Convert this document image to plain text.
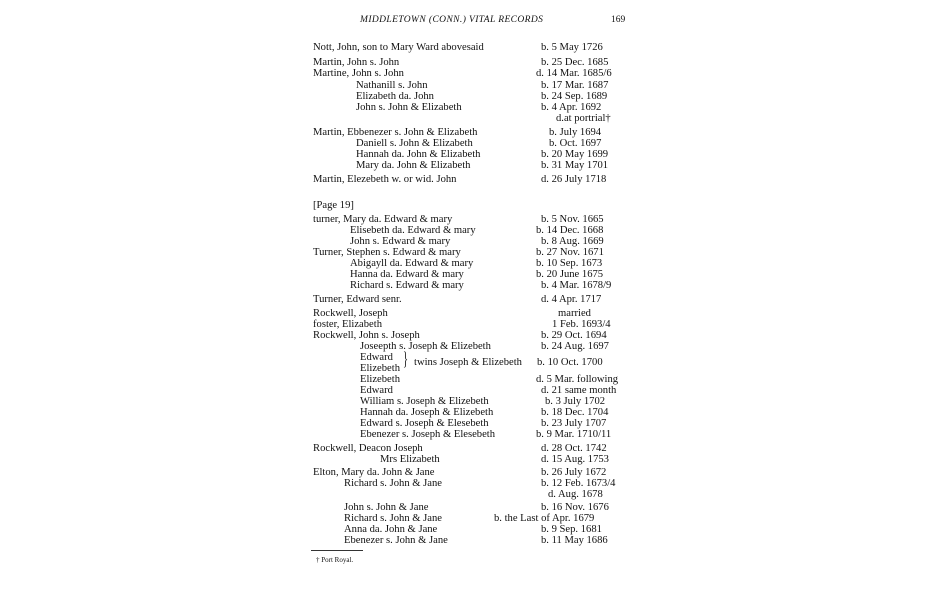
MIDDLETOWN (CONN.) VITAL RECORDS	169
Nott, John, son to Mary Ward abovesaid	b. 5 May 1726
Martin, John s. John	b. 25 Dec. 1685
Martine, John s. John	d. 14 Mar. 1685/6
Nathanill s. John	b. 17 Mar. 1687
Elizabeth da. John	b. 24 Sep. 1689
John s. John & Elizabeth	b. 4 Apr. 1692
d.at portrial†
Martin, Ebbenezer s. John & Elizabeth	b. July 1694
Daniell s. John & Elizabeth	b. Oct. 1697
Hannah da. John & Elizabeth	b. 20 May 1699
Mary da. John & Elizabeth	b. 31 May 1701
Martin, Elezebeth w. or wid. John	d. 26 July 1718
[Page 19]
turner, Mary da. Edward & mary	b. 5 Nov. 1665
Elisebeth da. Edward & mary	b. 14 Dec. 1668
John s. Edward & mary	b. 8 Aug. 1669
Turner, Stephen s. Edward & mary	b. 27 Nov. 1671
Abigayll da. Edward & mary	b. 10 Sep. 1673
Hanna da. Edward & mary	b. 20 June 1675
Richard s. Edward & mary	b. 4 Mar. 1678/9
Turner, Edward senr.	d. 4 Apr. 1717
Rockwell, Joseph	married
foster, Elizabeth	1 Feb. 1693/4
Rockwell, John s. Joseph	b. 29 Oct. 1694
Joseepth s. Joseph & Elizebeth	b. 24 Aug. 1697
Edward
Elizebeth } twins Joseph & Elizebeth b. 10 Oct. 1700
Elizebeth	d. 5 Mar. following
Edward	d. 21 same month
William s. Joseph & Elizebeth	b. 3 July 1702
Hannah da. Joseph & Elizebeth	b. 18 Dec. 1704
Edward s. Joseph & Elesebeth	b. 23 July 1707
Ebenezer s. Joseph & Elesebeth	b. 9 Mar. 1710/11
Rockwell, Deacon Joseph	d. 28 Oct. 1742
Mrs Elizabeth	d. 15 Aug. 1753
Elton, Mary da. John & Jane	b. 26 July 1672
Richard s. John & Jane	b. 12 Feb. 1673/4
d. Aug. 1678
John s. John & Jane	b. 16 Nov. 1676
Richard s. John & Jane	b. the Last of Apr. 1679
Anna da. John & Jane	b. 9 Sep. 1681
Ebenezer s. John & Jane	b. 11 May 1686
† Port Royal.
